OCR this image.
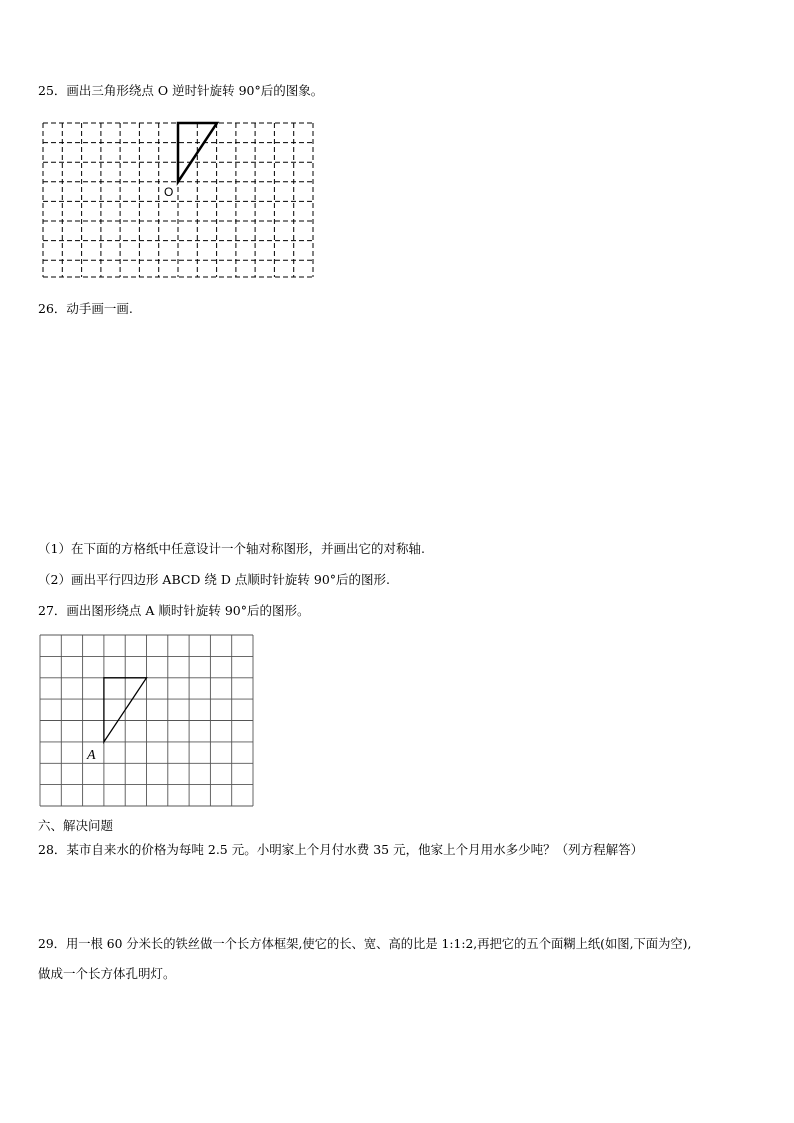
25．画出三角形绕点 O 逆时针旋转 90°后的图象。
O
26．动手画一画.
（1）在下面的方格纸中任意设计一个轴对称图形，并画出它的对称轴.
（2）画出平行四边形 ABCD 绕 D 点顺时针旋转 90°后的图形.
27．画出图形绕点 A 顺时针旋转 90°后的图形。
A
六、解决问题
28．某市自来水的价格为每吨 2.5 元。小明家上个月付水费 35 元，他家上个月用水多少吨？（列方程解答）
29．用一根 60 分米长的铁丝做一个长方体框架,使它的长、宽、高的比是 1:1:2,再把它的五个面糊上纸(如图,下面为空),
做成一个长方体孔明灯。
